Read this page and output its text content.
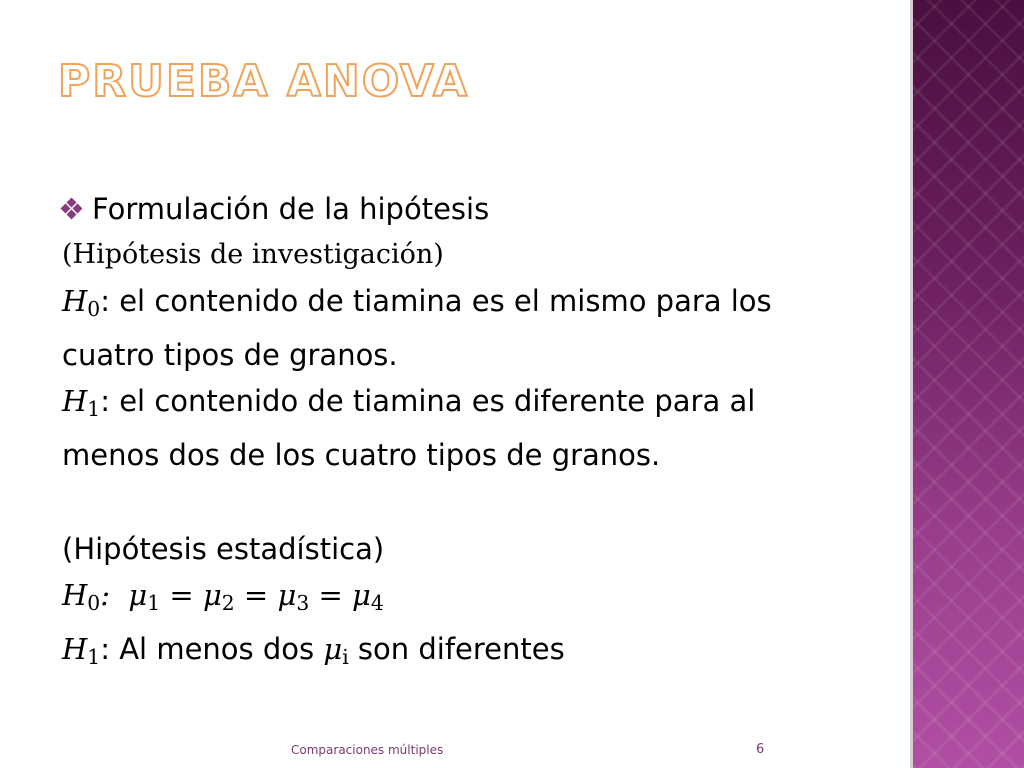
PRUEBA ANOVA

Formulación de la hipótesis

(Hipótesis de investigación)

$H_0$: el contenido de tiamina es el mismo para los cuatro tipos de granos.

$H_1$: el contenido de tiamina es diferente para al menos dos de los cuatro tipos de granos.

(Hipótesis estadística)

$H_0$: $\mu_1 = \mu_2 = \mu_3 = \mu_4$

$H_1$: Al menos dos $\mu_i$ son diferentes

Comparaciones múltiples	6
